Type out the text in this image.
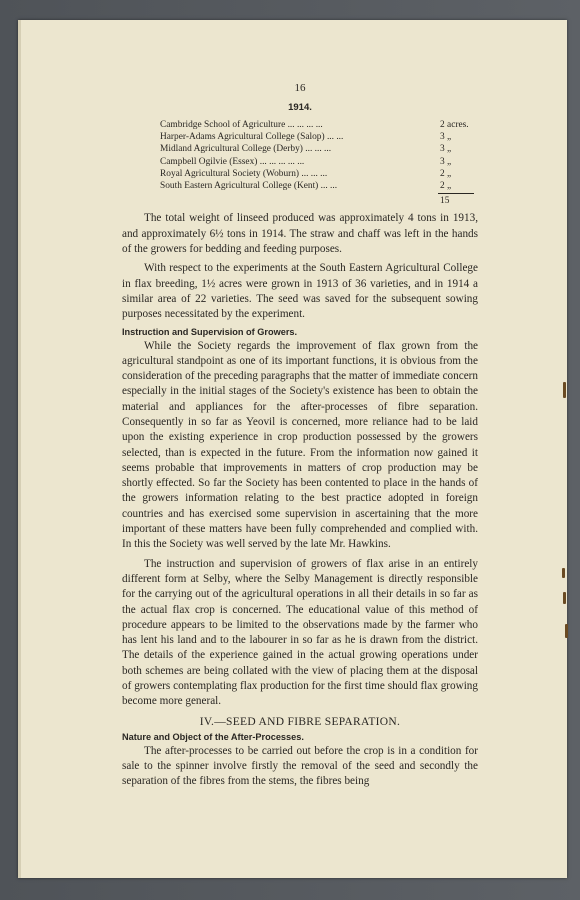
16
1914.
Cambridge School of Agriculture ... ... ... ...	2 acres.
Harper-Adams Agricultural College (Salop) ... ...	3 „
Midland Agricultural College (Derby) ... ... ...	3 „
Campbell Ogilvie (Essex) ... ... ... ... ...	3 „
Royal Agricultural Society (Woburn) ... ... ...	2 „
South Eastern Agricultural College (Kent) ... ...	2 „
15

The total weight of linseed produced was approximately 4 tons in 1913, and approximately 6½ tons in 1914. The straw and chaff was left in the hands of the growers for bedding and feeding purposes.

With respect to the experiments at the South Eastern Agricultural College in flax breeding, 1½ acres were grown in 1913 of 36 varieties, and in 1914 a similar area of 22 varieties. The seed was saved for the subsequent sowing purposes necessitated by the experiment.

Instruction and Supervision of Growers.

While the Society regards the improvement of flax grown from the agricultural standpoint as one of its important functions, it is obvious from the consideration of the preceding paragraphs that the matter of immediate concern especially in the initial stages of the Society's existence has been to obtain the material and appliances for the after-processes of fibre separation. Consequently in so far as Yeovil is concerned, more reliance had to be laid upon the existing experience in crop production possessed by the growers selected, than is expected in the future. From the information now gained it seems probable that improvements in matters of crop production may be shortly effected. So far the Society has been contented to place in the hands of the growers information relating to the best practice adopted in foreign countries and has exercised some supervision in ascertaining that the more important of these matters have been fully comprehended and complied with. In this the Society was well served by the late Mr. Hawkins.

The instruction and supervision of growers of flax arise in an entirely different form at Selby, where the Selby Management is directly responsible for the carrying out of the agricultural operations in all their details in so far as the actual flax crop is concerned. The educational value of this method of procedure appears to be limited to the observations made by the farmer who has lent his land and to the labourer in so far as he is drawn from the district. The details of the experience gained in the actual growing operations under both schemes are being collated with the view of placing them at the disposal of growers contemplating flax production for the first time should flax growing become more general.

IV.—SEED AND FIBRE SEPARATION.
Nature and Object of the After-Processes.

The after-processes to be carried out before the crop is in a condition for sale to the spinner involve firstly the removal of the seed and secondly the separation of the fibres from the stems, the fibres being
